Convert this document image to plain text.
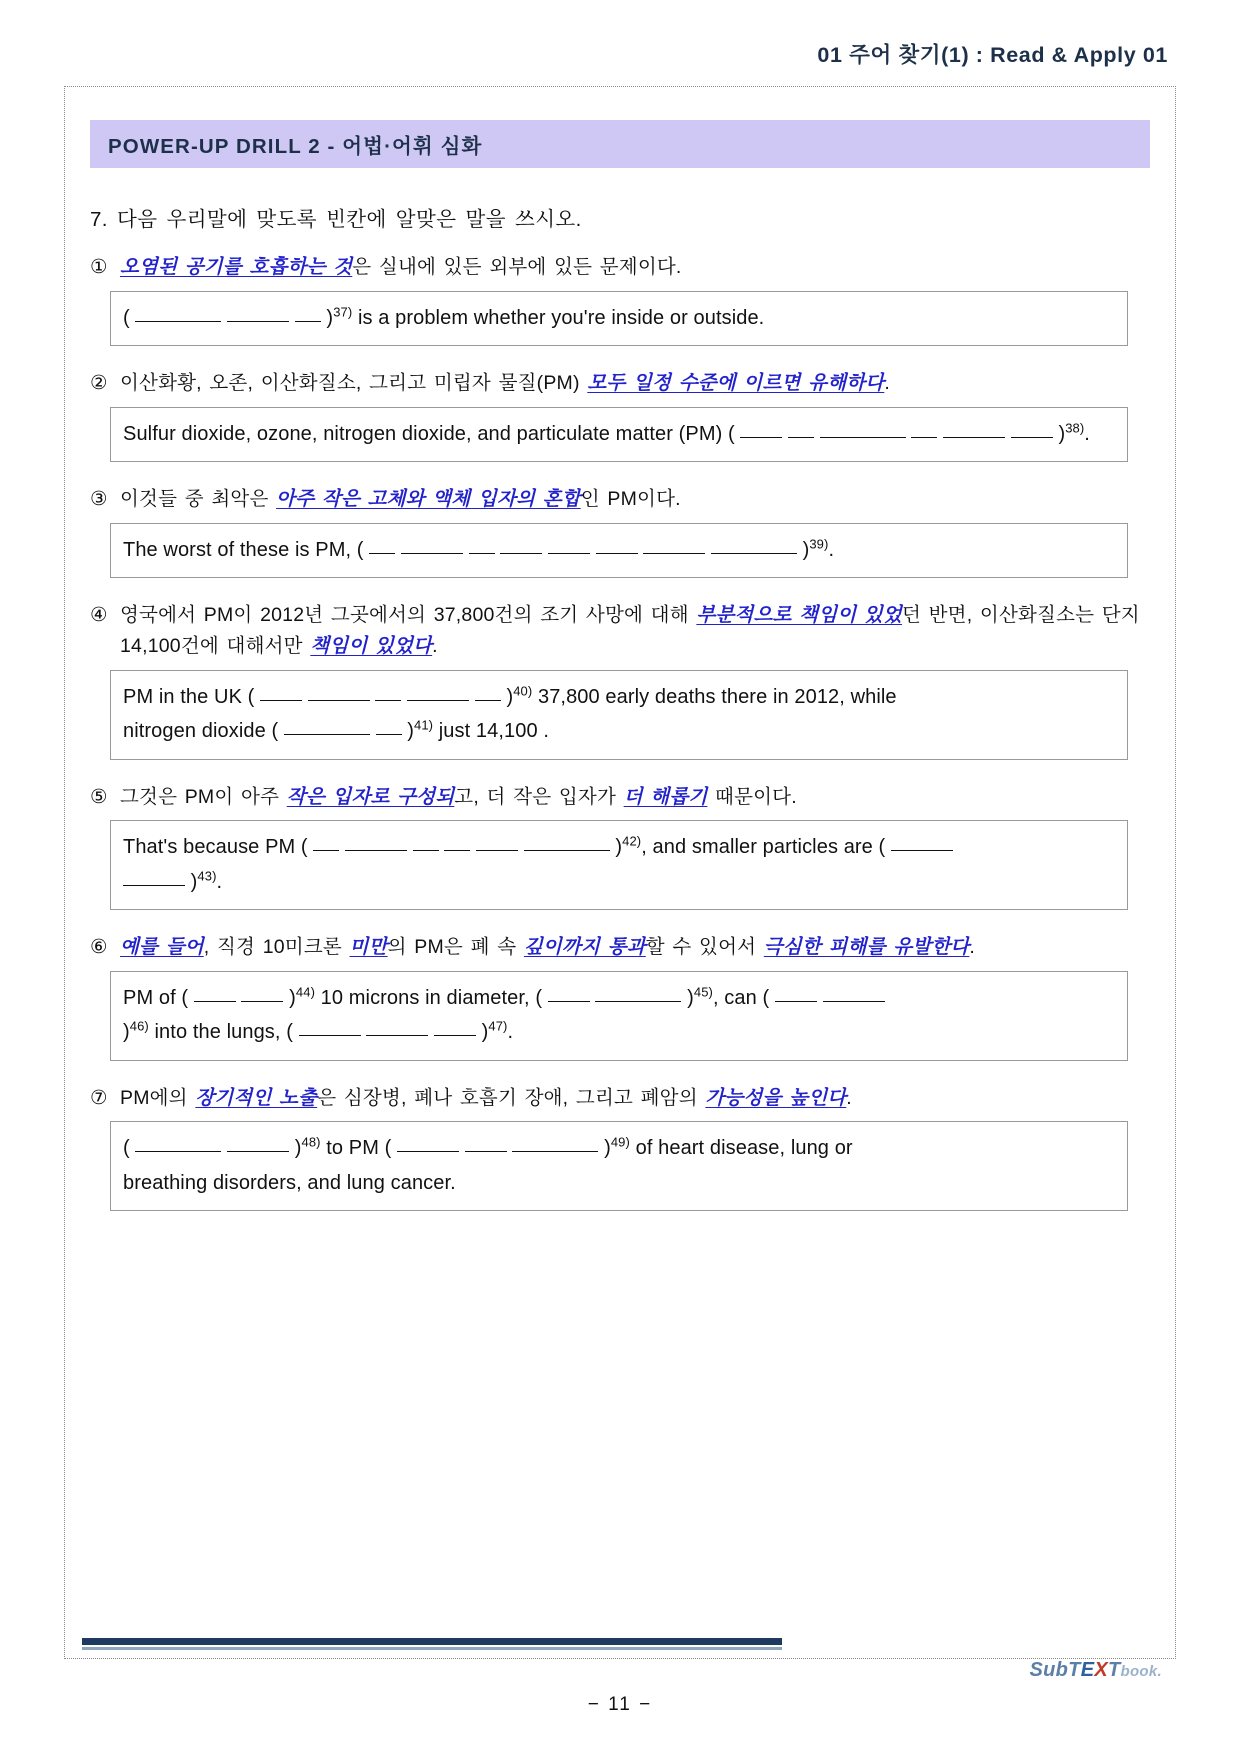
01 주어 찾기(1) : Read & Apply 01
POWER-UP DRILL 2 - 어법·어휘 심화

7. 다음 우리말에 맞도록 빈칸에 알맞은 말을 쓰시오.

① 오염된 공기를 호흡하는 것은 실내에 있든 외부에 있든 문제이다.
(	)$^{37)}$ is a problem whether you're inside or outside.
② 이산화황, 오존, 이산화질소, 그리고 미립자 물질(PM) 모두 일정 수준에 이르면 유해하다.
Sulfur dioxide, ozone, nitrogen dioxide, and particulate matter (PM) (	)$^{38)}$.
③ 이것들 중 최악은 아주 작은 고체와 액체 입자의 혼합인 PM이다.
The worst of these is PM, (	)$^{39)}$.
④ 영국에서 PM이 2012년 그곳에서의 37,800건의 조기 사망에 대해 부분적으로 책임이 있었던 반면, 이산화질소는 단지 14,100건에 대해서만 책임이 있었다.
PM in the UK (	)$^{40)}$ 37,800 early deaths there in 2012, while
nitrogen dioxide (	)$^{41)}$ just 14,100 .
⑤ 그것은 PM이 아주 작은 입자로 구성되고, 더 작은 입자가 더 해롭기 때문이다.
That's because PM (	)$^{42)}$, and smaller particles are (
)$^{43)}$.
⑥ 예를 들어, 직경 10미크론 미만의 PM은 폐 속 깊이까지 통과할 수 있어서 극심한 피해를 유발한다.
PM of (	)$^{44)}$ 10 microns in diameter, (	)$^{45)}$, can (
)$^{46)}$ into the lungs, (	)$^{47)}$.
⑦ PM에의 장기적인 노출은 심장병, 폐나 호흡기 장애, 그리고 폐암의 가능성을 높인다.
(	)$^{48)}$ to PM (	)$^{49)}$ of heart disease, lung or
breathing disorders, and lung cancer.
SubTEXTbook.
− 11 −
